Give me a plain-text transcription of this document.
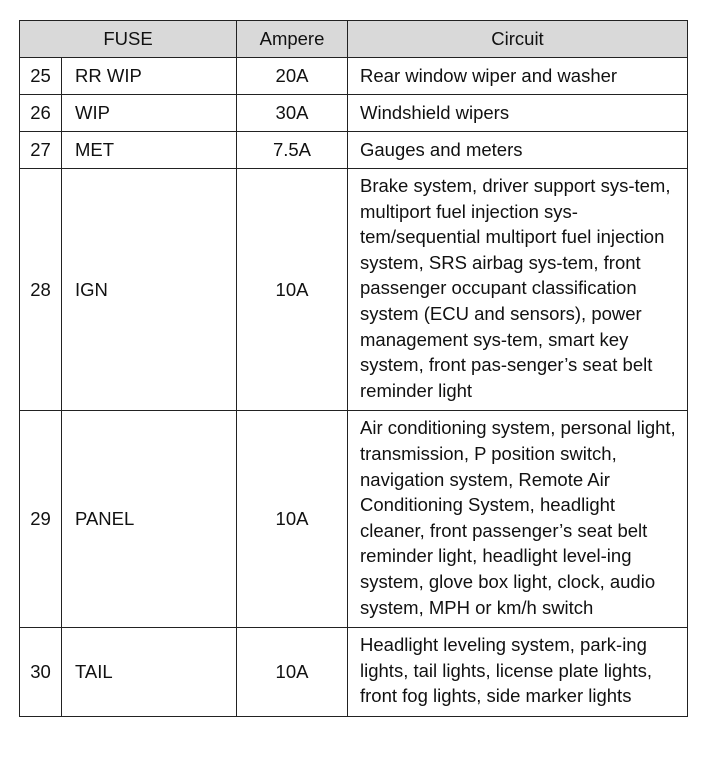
FUSE		Ampere	Circuit
25	RR WIP	20A	Rear window wiper and washer
26	WIP	30A	Windshield wipers
27	MET	7.5A	Gauges and meters
28	IGN	10A	Brake system, driver support sys-tem, multiport fuel injection sys-tem/sequential multiport fuel injection system, SRS airbag sys-tem, front passenger occupant classification system (ECU and sensors), power management sys-tem, smart key system, front pas-senger’s seat belt reminder light
29	PANEL	10A	Air conditioning system, personal light, transmission, P position switch, navigation system, Remote Air Conditioning System, headlight cleaner, front passenger’s seat belt reminder light, headlight level-ing system, glove box light, clock, audio system, MPH or km/h switch
30	TAIL	10A	Headlight leveling system, park-ing lights, tail lights, license plate lights, front fog lights, side marker lights
